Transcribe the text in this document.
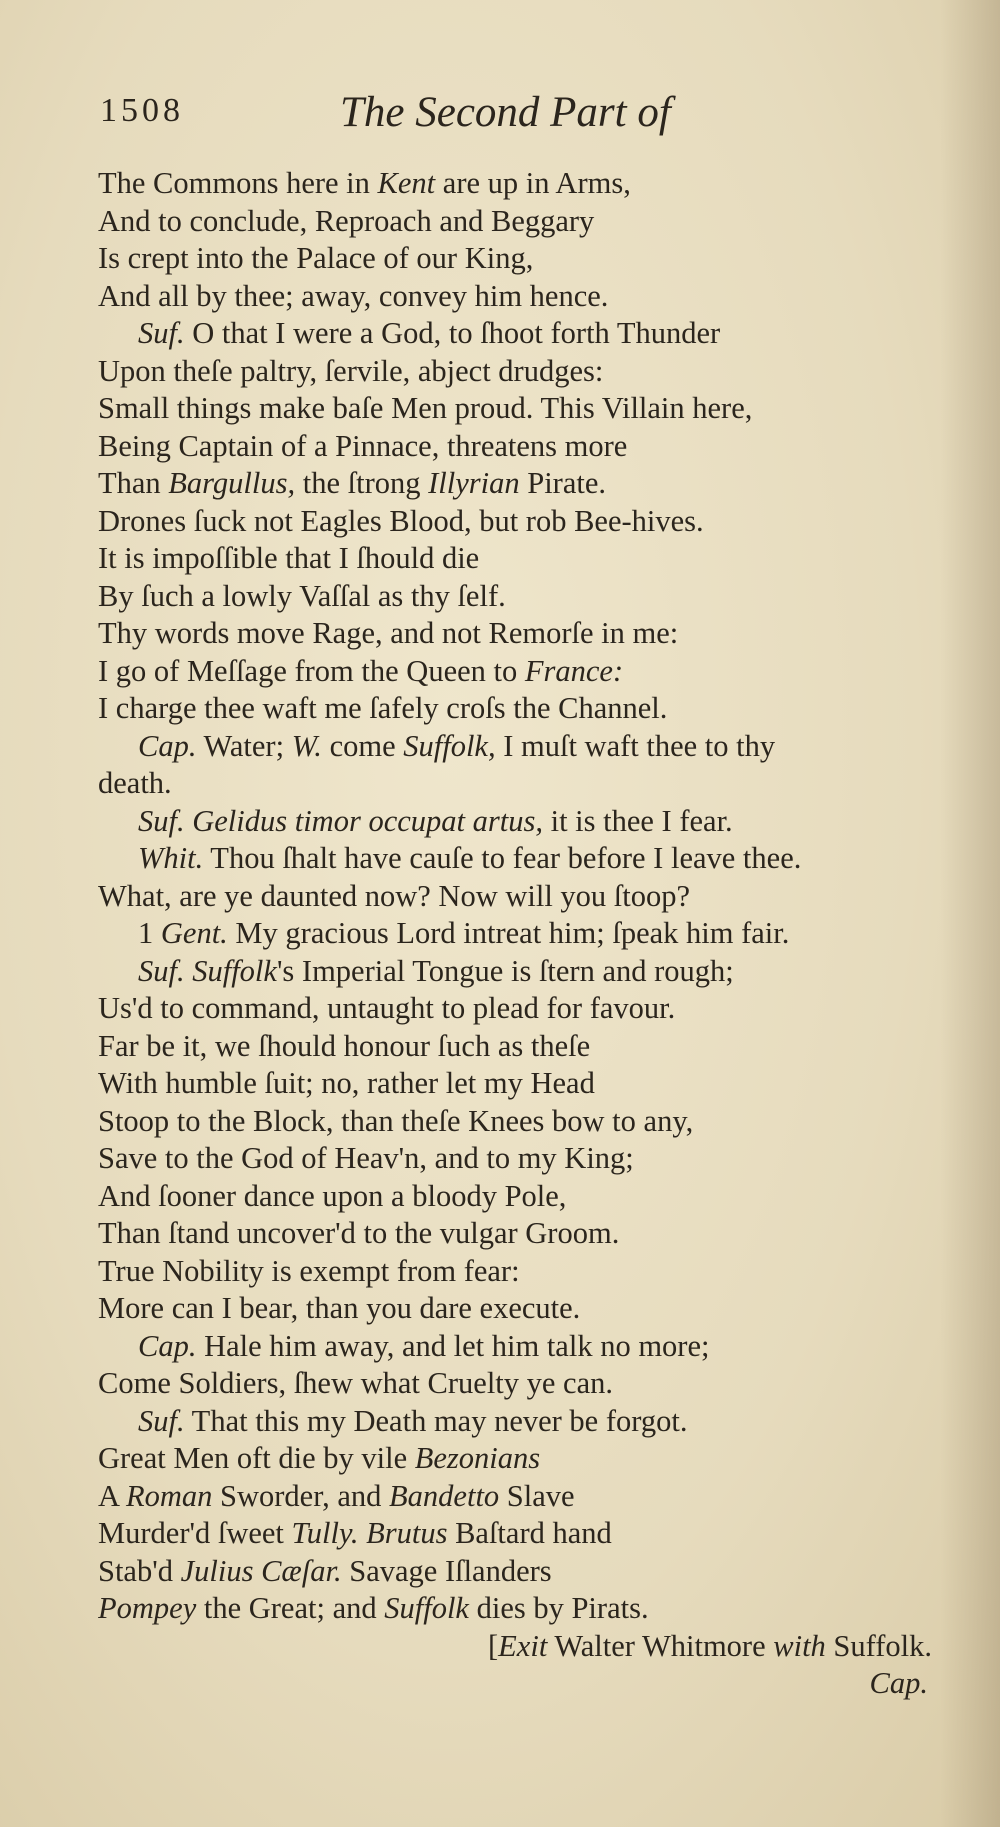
1508	The Second Part of
The Commons here in Kent are up in Arms,
And to conclude, Reproach and Beggary
Is crept into the Palace of our King,
And all by thee; away, convey him hence.
Suf. O that I were a God, to ſhoot forth Thunder
Upon theſe paltry, ſervile, abject drudges:
Small things make baſe Men proud. This Villain here,
Being Captain of a Pinnace, threatens more
Than Bargullus, the ſtrong Illyrian Pirate.
Drones ſuck not Eagles Blood, but rob Bee-hives.
It is impoſſible that I ſhould die
By ſuch a lowly Vaſſal as thy ſelf.
Thy words move Rage, and not Remorſe in me:
I go of Meſſage from the Queen to France:
I charge thee waft me ſafely croſs the Channel.
Cap. Water; W. come Suffolk, I muſt waft thee to thy
death.
Suf. Gelidus timor occupat artus, it is thee I fear.
Whit. Thou ſhalt have cauſe to fear before I leave thee.
What, are ye daunted now? Now will you ſtoop?
1 Gent. My gracious Lord intreat him; ſpeak him fair.
Suf. Suffolk's Imperial Tongue is ſtern and rough;
Us'd to command, untaught to plead for favour.
Far be it, we ſhould honour ſuch as theſe
With humble ſuit; no, rather let my Head
Stoop to the Block, than theſe Knees bow to any,
Save to the God of Heav'n, and to my King;
And ſooner dance upon a bloody Pole,
Than ſtand uncover'd to the vulgar Groom.
True Nobility is exempt from fear:
More can I bear, than you dare execute.
Cap. Hale him away, and let him talk no more;
Come Soldiers, ſhew what Cruelty ye can.
Suf. That this my Death may never be forgot.
Great Men oft die by vile Bezonians
A Roman Sworder, and Bandetto Slave
Murder'd ſweet Tully. Brutus Baſtard hand
Stab'd Julius Cæſar. Savage Iſlanders
Pompey the Great; and Suffolk dies by Pirats.
[Exit Walter Whitmore with Suffolk.
Cap.
